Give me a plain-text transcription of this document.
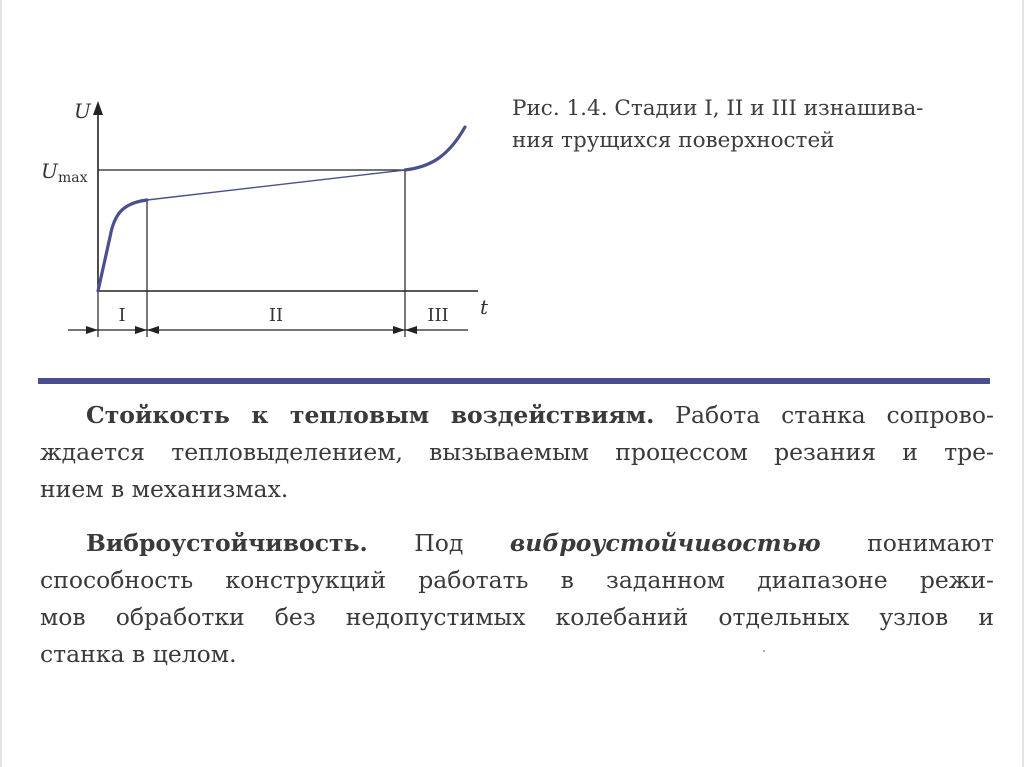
U
t
U max
I	II	III
Рис. 1.4. Стадии I, II и III изнашива-
ния трущихся поверхностей
Стойкость к тепловым воздействиям. Работа станка сопрово-
ждается тепловыделением, вызываемым процессом резания и тре-
нием в механизмах.
Виброустойчивость. Под виброустойчивостью понимают
способность конструкций работать в заданном диапазоне режи-
мов обработки без недопустимых колебаний отдельных узлов и
станка в целом.
